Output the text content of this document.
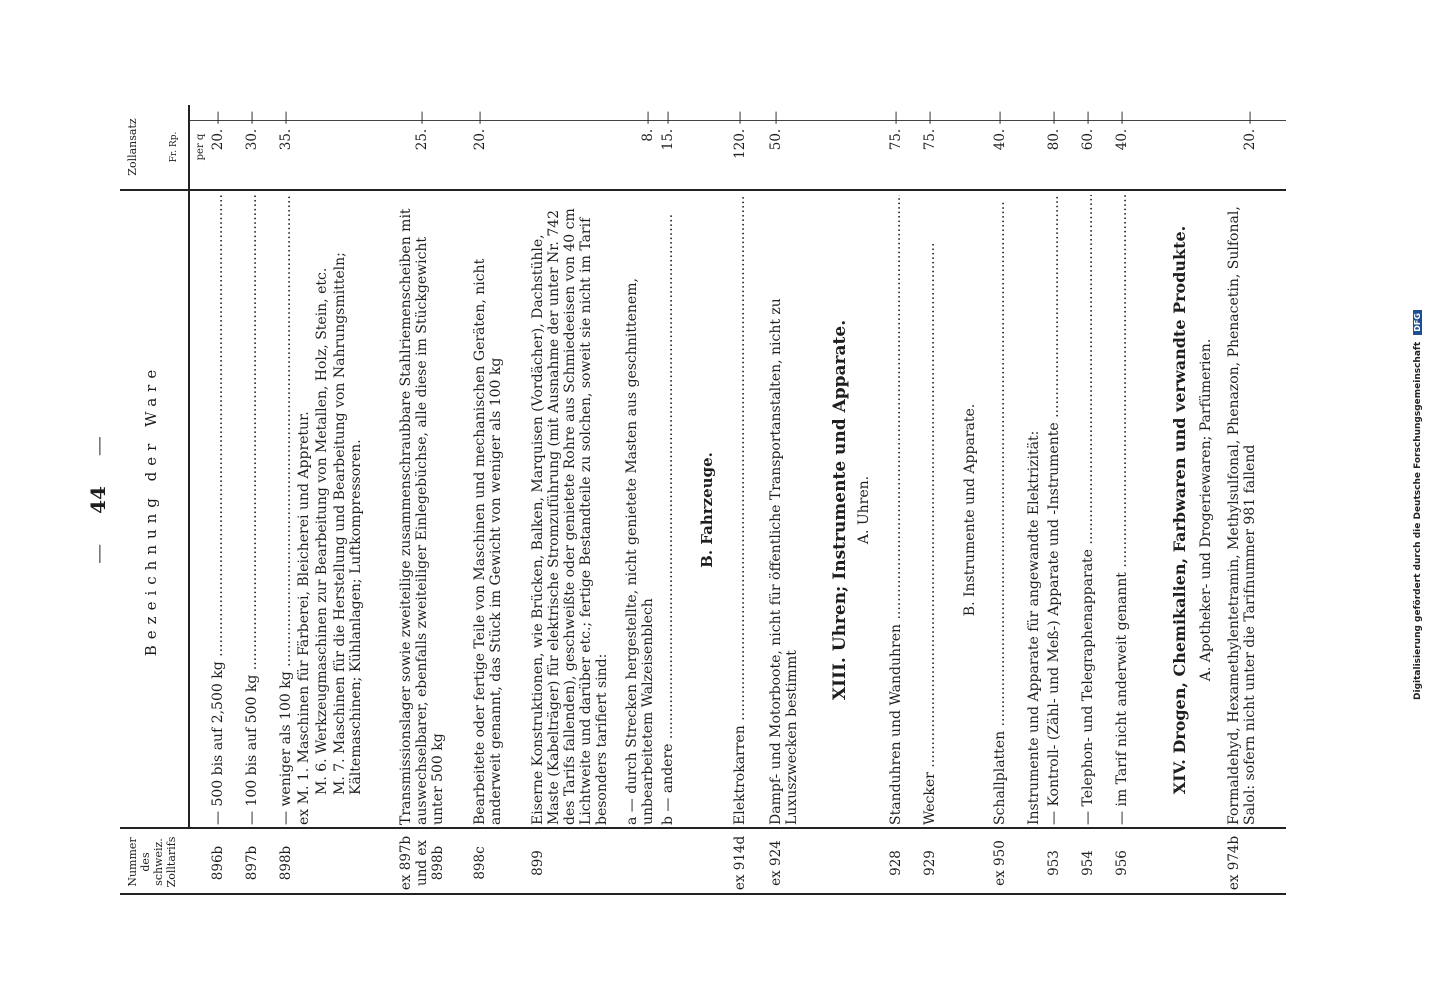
—44—
Nummer des schweiz. Zolltarifs
Bezeichnung der Ware
Zollansatz	Fr. Rp. per q
896b
— 500 bis auf 2,500 kg .....
20. —
897b
— 100 bis auf 500 kg .....
30. —
898b
— weniger als 100 kg .....
35. —
ex M. 1. Maschinen für Färberei, Bleicherei und Appretur. M. 6. Werkzeugmaschinen zur Bearbeitung von Metallen, Holz, Stein, etc. M. 7. Maschinen für die Herstellung und Bearbeitung von Nahrungsmitteln; Kältemaschinen; Kühlanlagen; Luftkompressoren.
ex 897b und ex 898b
Transmissionslager sowie zweiteilige zusammenschraubbare Stahlriemenscheiben mit auswechselbarer, ebenfalls zweiteiliger Einlegebüchse, alle diese im Stückgewicht unter 500 kg
25. —
898c
Bearbeitete oder fertige Teile von Maschinen und mechanischen Geräten, nicht anderweit genannt, das Stück im Gewicht von weniger als 100 kg
20. —
899
Eiserne Konstruktionen, wie Brücken, Balken, Marquisen (Vordächer), Dachstühle, Maste (Kabelträger) für elektrische Stromzuführung (mit Ausnahme der unter Nr. 742 des Tarifs fallenden), geschweißte oder genietete Rohre aus Schmiedeeisen von 40 cm Lichtweite und darüber etc.; fertige Bestandteile zu solchen, soweit sie nicht im Tarif besonders tarifiert sind: a — durch Strecken hergestellte, nicht genietete Masten aus geschnittenem, unbearbeitetem Walzeisenblech
8. —
b — andere .....
15. —
B. Fahrzeuge.
ex 914d
Elektrokarren .....
120. —
ex 924
Dampf- und Motorboote, nicht für öffentliche Transportanstalten, nicht zu Luxuszwecken bestimmt
50. —
XIII. Uhren; Instrumente und Apparate. A. Uhren.
928
Standuhren und Wanduhren .....
75. —
929
Wecker .....
75. —
B. Instrumente und Apparate.
ex 950
Schallplatten .....
40. —
Instrumente und Apparate für angewandte Elektrizität:
953
— Kontroll- (Zähl- und Meß-) Apparate und -Instrumente .....
80. —
954
— Telephon- und Telegraphenapparate .....
60. —
956
— im Tarif nicht anderweit genannt .....
40. —
XIV. Drogen, Chemikalien, Farbwaren und verwandte Produkte. A. Apotheker- und Drogeriewaren; Parfümerien.
ex 974b
Formaldehyd, Hexamethylentetramin, Methylsulfonal, Phenazon, Phenacetin, Sulfonal, Salol: sofern nicht unter die Tarifnummer 981 fallend
20. —
Digitalisierung gefördert durch die Deutsche Forschungsgemeinschaft DFG
